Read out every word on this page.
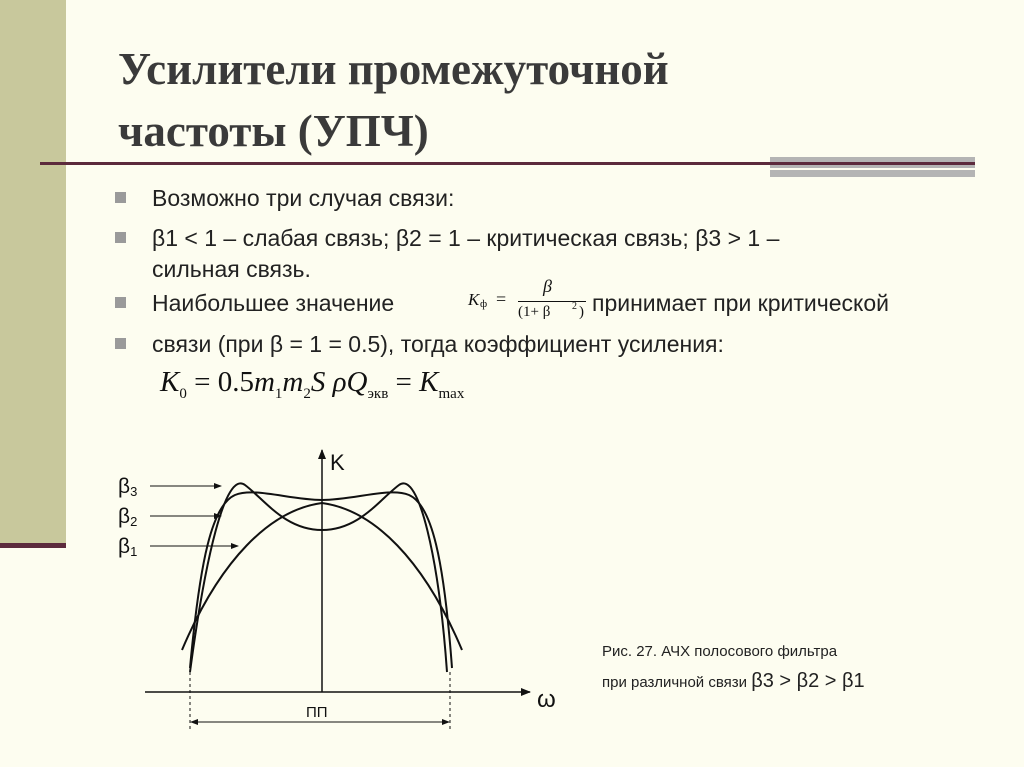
Усилители промежуточной
частоты (УПЧ)
Возможно три случая связи:
β1 < 1 – слабая связь; β2 = 1 – критическая связь; β3 > 1 –
сильная связь.
Наибольшее значение	принимает при критической
K ф =
β
(1+ β 2 )
связи (при β = 1 = 0.5), тогда коэффициент усиления:
$K_0 = 0.5m_1m_2S$ $\rho Q_{экв} = K_{max}$
β3
β2
β1
K
ω
ПП
Рис. 27. АЧХ полосового фильтра
при различной связи β3 > β2 > β1
